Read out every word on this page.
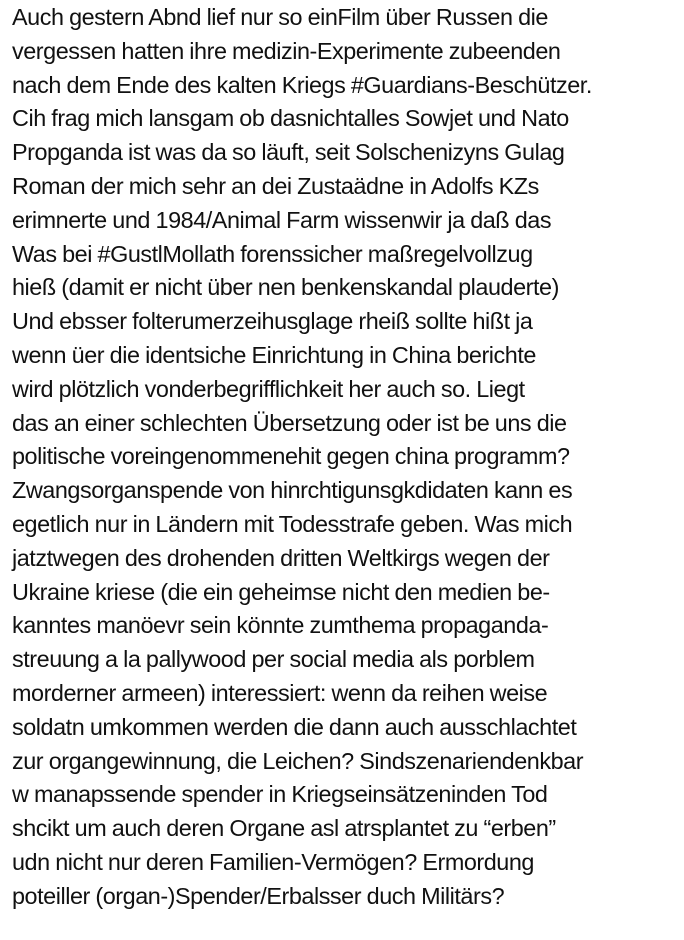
Auch gestern Abnd lief nur so einFilm über Russen die
vergessen hatten ihre medizin-Experimente zubeenden
nach dem Ende des kalten Kriegs #Guardians-Beschützer.
Cih frag mich lansgam ob dasnichtalles Sowjet und Nato
Propganda ist was da so läuft, seit Solschenizyns Gulag
Roman der mich sehr an dei Zustaädne in Adolfs KZs
erimnerte und 1984/Animal Farm wissenwir ja daß das
Was bei #GustlMollath forenssicher maßregelvollzug
hieß (damit er nicht über nen benkenskandal plauderte)
Und ebsser folterumerzeihusglage rheiß sollte hißt ja
wenn üer die identsiche Einrichtung in China berichte
wird plötzlich vonderbegrifflichkeit her auch so. Liegt
das an einer schlechten Übersetzung oder ist be uns die
politische voreingenommenehit gegen china programm?
Zwangsorganspende von hinrchtigunsgkdidaten kann es
egetlich nur in Ländern mit Todesstrafe geben. Was mich
jatztwegen des drohenden dritten Weltkirgs wegen der
Ukraine kriese (die ein geheimse nicht den medien be-
kanntes manöevr sein könnte zumthema propaganda-
streuung a la pallywood per social media als porblem
morderner armeen) interessiert: wenn da reihen weise
soldatn umkommen werden die dann auch ausschlachtet
zur organgewinnung, die Leichen? Sindszenariendenkbar
w manapssende spender in Kriegseinsätzeninden Tod
shcikt um auch deren Organe asl atrsplantet zu “erben”
udn nicht nur deren Familien-Vermögen? Ermordung
poteiller (organ-)Spender/Erbalsser duch Militärs?
